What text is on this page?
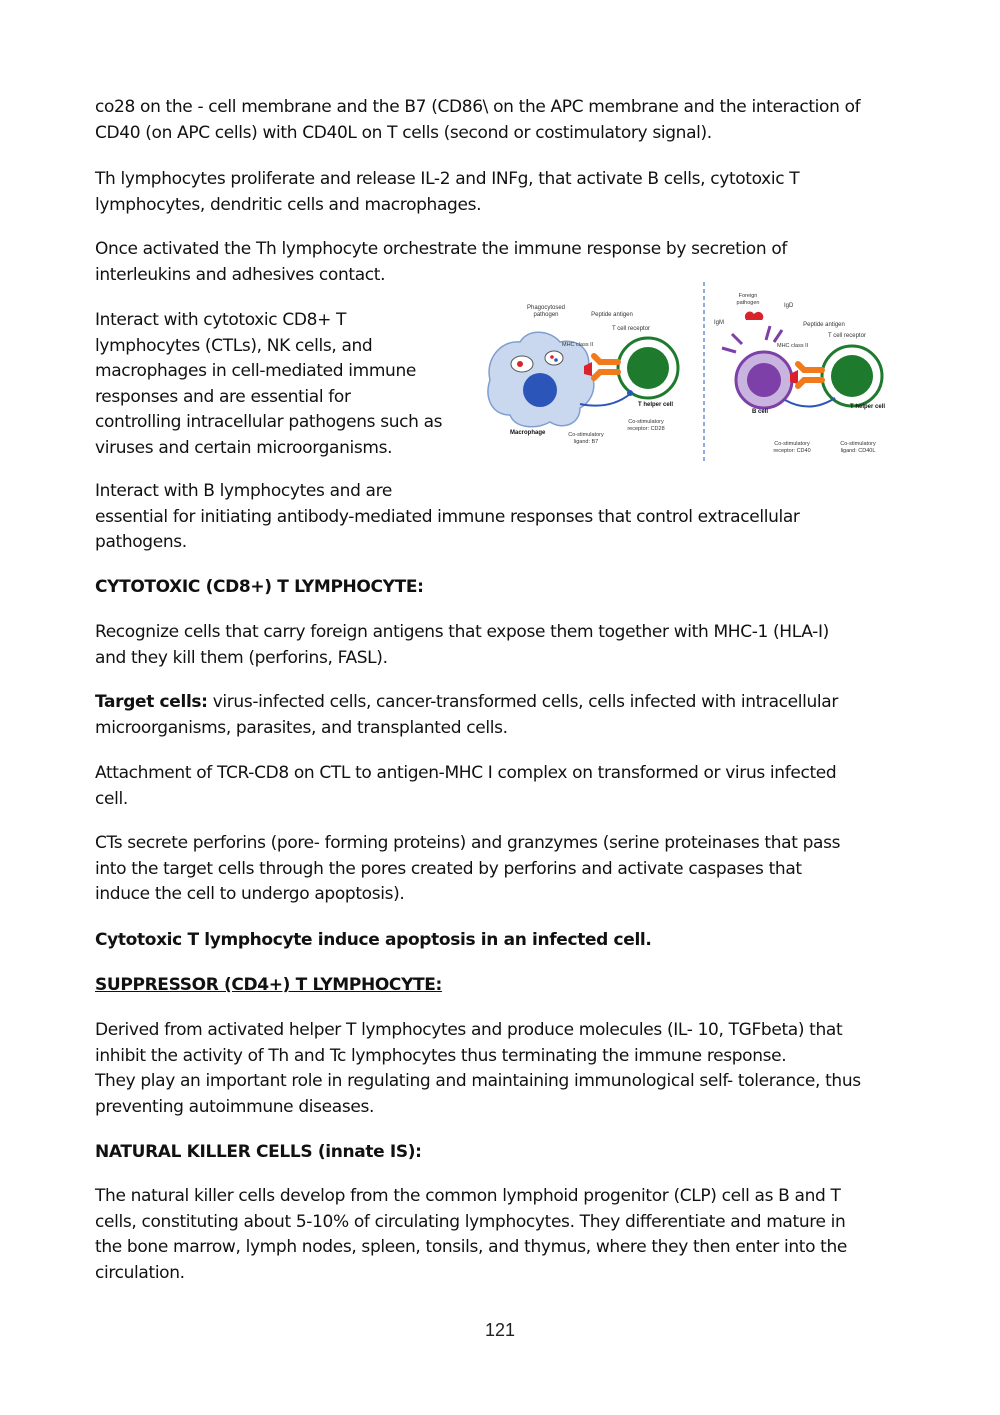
co28 on the - cell membrane and the B7 (CD86\ on the APC membrane and the interaction of
CD40 (on APC cells) with CD40L on T cells (second or costimulatory signal).
Th lymphocytes proliferate and release IL-2 and INFg, that activate B cells, cytotoxic T
lymphocytes, dendritic cells and macrophages.
Once activated the Th lymphocyte orchestrate the immune response by secretion of
interleukins and adhesives contact.
Interact with cytotoxic CD8+ T
lymphocytes (CTLs), NK cells, and
macrophages in cell-mediated immune
responses and are essential for
controlling intracellular pathogens such as
viruses and certain microorganisms.
Phagocytosed
pathogen	Peptide antigen
T cell receptor
MHC class II
T helper cell
Macrophage	Co-stimulatory
ligand: B7
Co-stimulatory
receptor: CD28
Foreign
pathogen	IgD
IgM	Peptide antigen
T cell receptor
MHC class II
B cell
T helper cell
Co-stimulatory
receptor: CD40
Co-stimulatory
ligand: CD40L
Interact with B lymphocytes and are
essential for initiating antibody-mediated immune responses that control extracellular
pathogens.
CYTOTOXIC (CD8+) T LYMPHOCYTE:
Recognize cells that carry foreign antigens that expose them together with MHC-1 (HLA-I)
and they kill them (perforins, FASL).
Target cells: virus-infected cells, cancer-transformed cells, cells infected with intracellular
microorganisms, parasites, and transplanted cells.
Attachment of TCR-CD8 on CTL to antigen-MHC I complex on transformed or virus infected
cell.
CTs secrete perforins (pore- forming proteins) and granzymes (serine proteinases that pass
into the target cells through the pores created by perforins and activate caspases that
induce the cell to undergo apoptosis).
Cytotoxic T lymphocyte induce apoptosis in an infected cell.
SUPPRESSOR (CD4+) T LYMPHOCYTE:
Derived from activated helper T lymphocytes and produce molecules (IL- 10, TGFbeta) that
inhibit the activity of Th and Tc lymphocytes thus terminating the immune response.
They play an important role in regulating and maintaining immunological self- tolerance, thus
preventing autoimmune diseases.
NATURAL KILLER CELLS (innate IS):
The natural killer cells develop from the common lymphoid progenitor (CLP) cell as B and T
cells, constituting about 5-10% of circulating lymphocytes. They differentiate and mature in
the bone marrow, lymph nodes, spleen, tonsils, and thymus, where they then enter into the
circulation.
121
